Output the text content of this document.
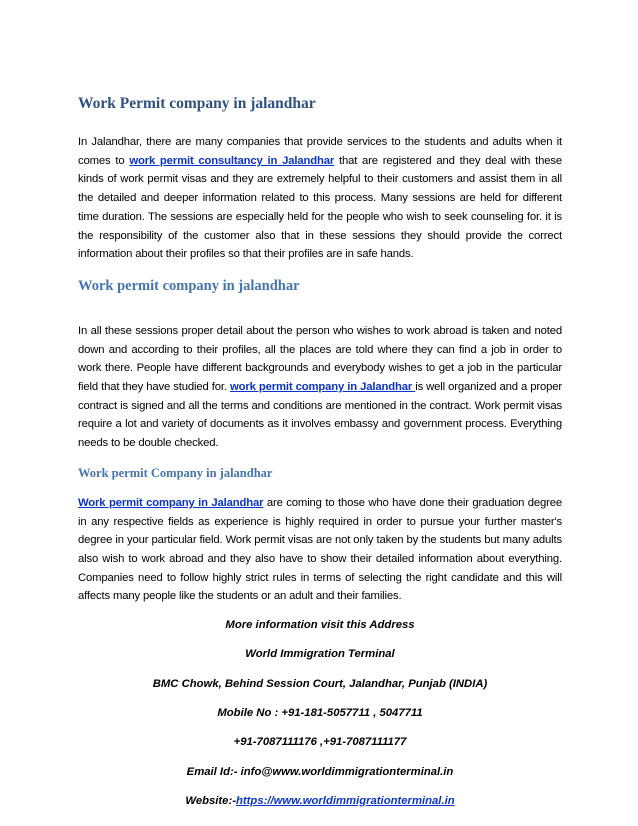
Work Permit company in jalandhar

In Jalandhar, there are many companies that provide services to the students and adults when it comes to work permit consultancy in Jalandhar that are registered and they deal with these kinds of work permit visas and they are extremely helpful to their customers and assist them in all the detailed and deeper information related to this process. Many sessions are held for different time duration. The sessions are especially held for the people who wish to seek counseling for. it is the responsibility of the customer also that in these sessions they should provide the correct information about their profiles so that their profiles are in safe hands.

Work permit company in jalandhar

In all these sessions proper detail about the person who wishes to work abroad is taken and noted down and according to their profiles, all the places are told where they can find a job in order to work there. People have different backgrounds and everybody wishes to get a job in the particular field that they have studied for. work permit company in Jalandhar is well organized and a proper contract is signed and all the terms and conditions are mentioned in the contract. Work permit visas require a lot and variety of documents as it involves embassy and government process. Everything needs to be double checked.

Work permit Company in jalandhar

Work permit company in Jalandhar are coming to those who have done their graduation degree in any respective fields as experience is highly required in order to pursue your further master's degree in your particular field. Work permit visas are not only taken by the students but many adults also wish to work abroad and they also have to show their detailed information about everything. Companies need to follow highly strict rules in terms of selecting the right candidate and this will affects many people like the students or an adult and their families.

More information visit this Address
World Immigration Terminal
BMC Chowk, Behind Session Court, Jalandhar, Punjab (INDIA)
Mobile No : +91-181-5057711 , 5047711
+91-7087111176 ,+91-7087111177
Email Id:- info@www.worldimmigrationterminal.in
Website:-https://www.worldimmigrationterminal.in
